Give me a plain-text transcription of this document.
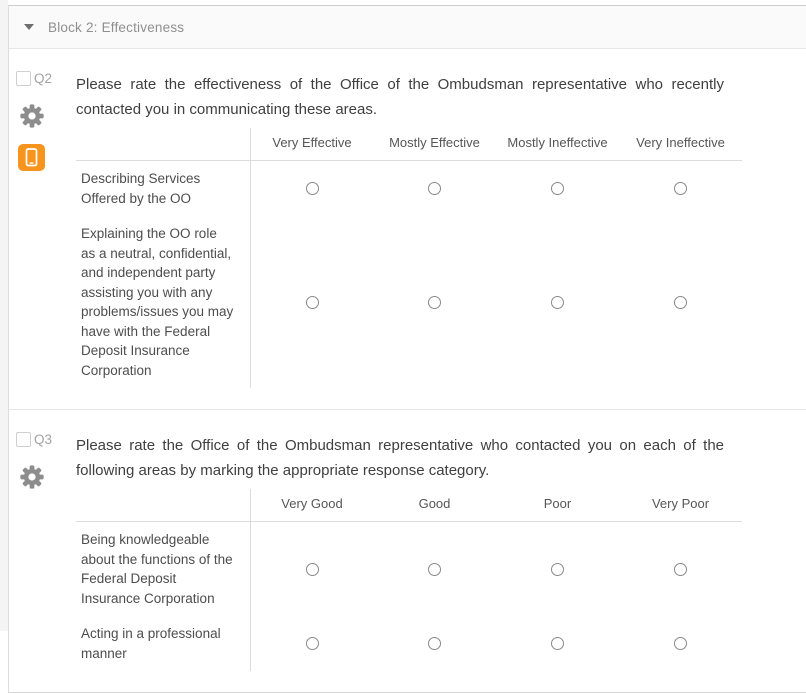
Block 2: Effectiveness
Q2 Please rate the effectiveness of the Office of the Ombudsman representative who recently contacted you in communicating these areas.

Very Effective	Mostly Effective	Mostly Ineffective	Very Ineffective
Describing Services Offered by the OO
Explaining the OO role as a neutral, confidential, and independent party assisting you with any problems/issues you may have with the Federal Deposit Insurance Corporation
Q3 Please rate the Office of the Ombudsman representative who contacted you on each of the following areas by marking the appropriate response category.

Very Good	Good	Poor	Very Poor
Being knowledgeable about the functions of the Federal Deposit Insurance Corporation
Acting in a professional manner
